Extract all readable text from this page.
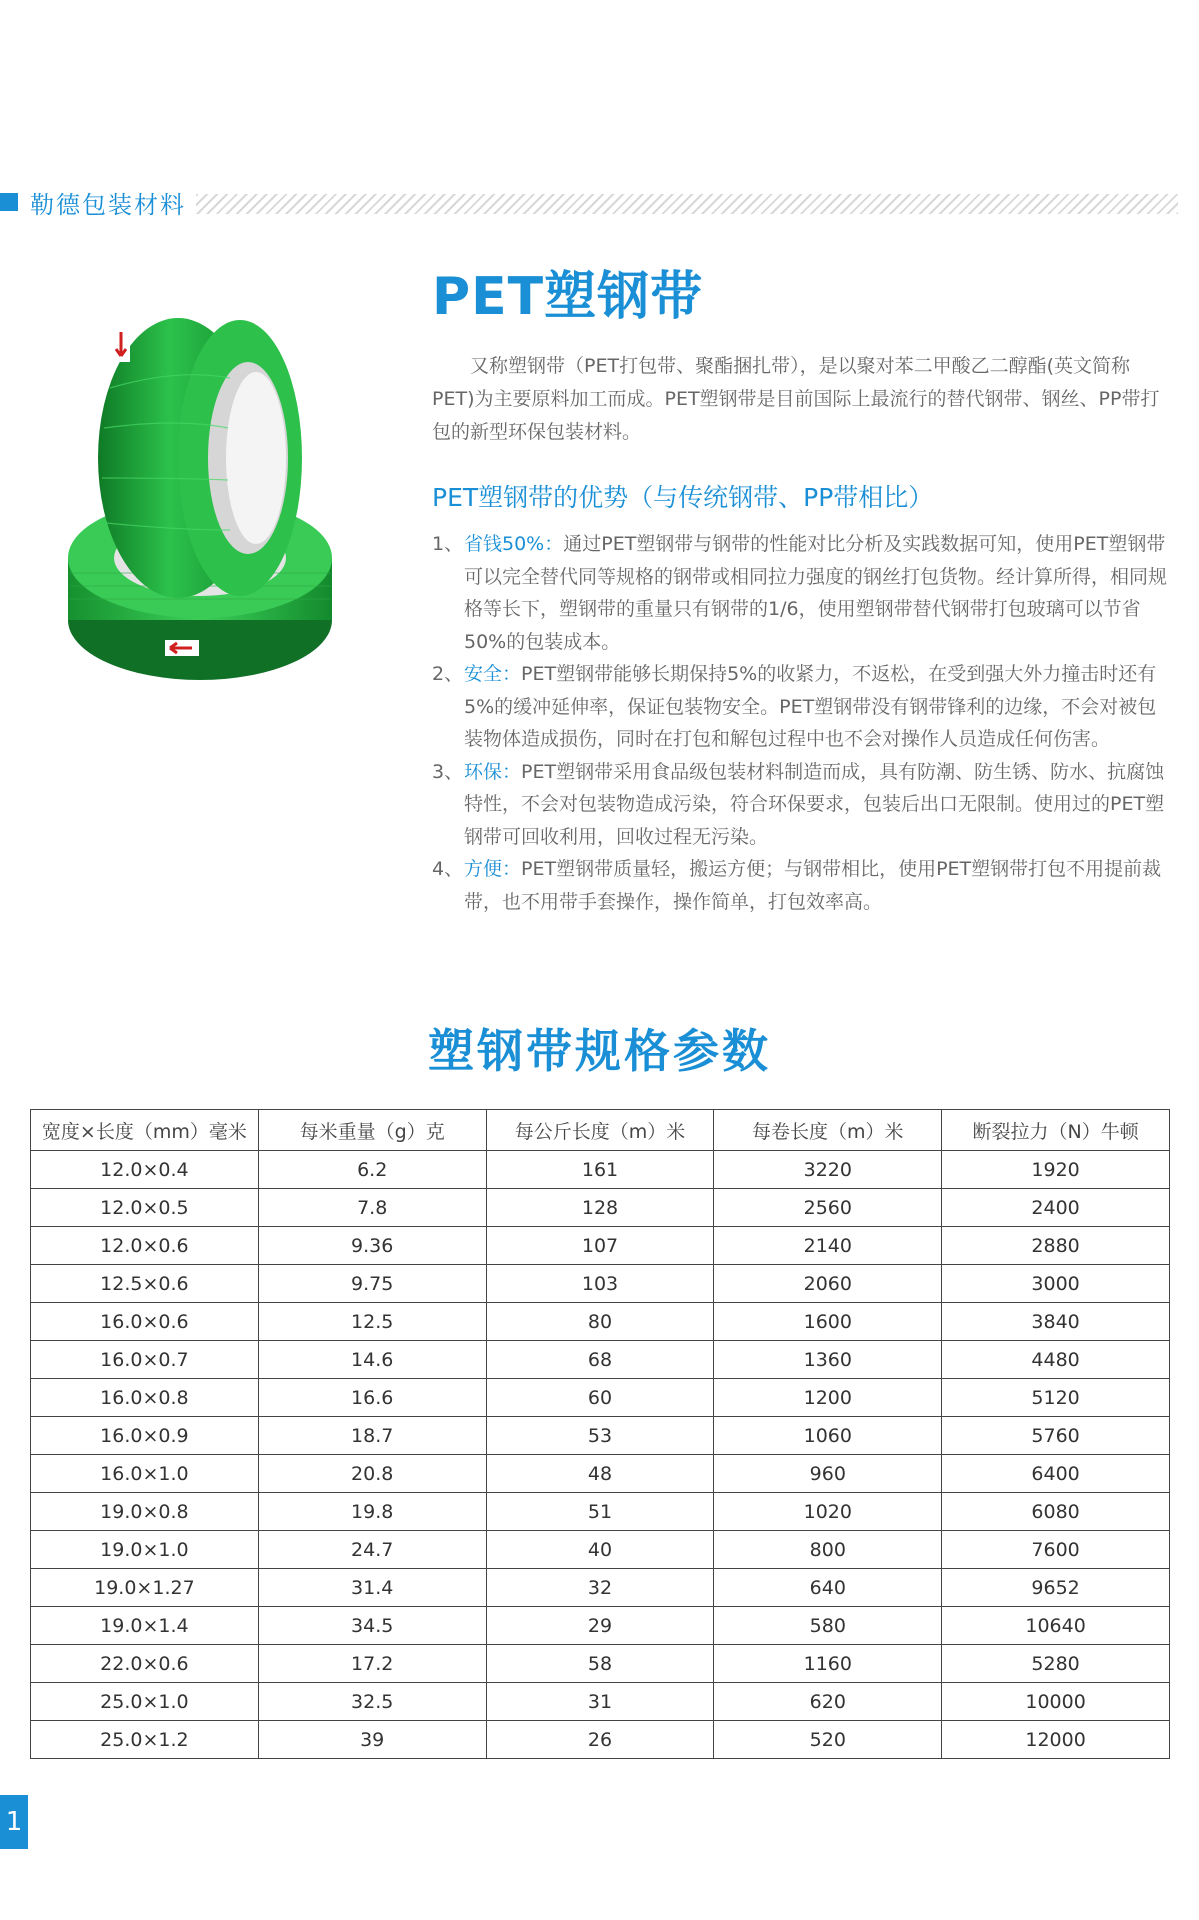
勒德包装材料
PET塑钢带

又称塑钢带（PET打包带、聚酯捆扎带），是以聚对苯二甲酸乙二醇酯(英文简称PET)为主要原料加工而成。PET塑钢带是目前国际上最流行的替代钢带、钢丝、PP带打包的新型环保包装材料。

PET塑钢带的优势（与传统钢带、PP带相比）
1、 省钱50%：通过PET塑钢带与钢带的性能对比分析及实践数据可知，使用PET塑钢带可以完全替代同等规格的钢带或相同拉力强度的钢丝打包货物。经计算所得，相同规格等长下，塑钢带的重量只有钢带的1/6，使用塑钢带替代钢带打包玻璃可以节省50%的包装成本。
2、 安全：PET塑钢带能够长期保持5%的收紧力，不返松，在受到强大外力撞击时还有5%的缓冲延伸率，保证包装物安全。PET塑钢带没有钢带锋利的边缘，不会对被包装物体造成损伤，同时在打包和解包过程中也不会对操作人员造成任何伤害。
3、 环保：PET塑钢带采用食品级包装材料制造而成，具有防潮、防生锈、防水、抗腐蚀特性，不会对包装物造成污染，符合环保要求，包装后出口无限制。使用过的PET塑钢带可回收利用，回收过程无污染。
4、 方便：PET塑钢带质量轻，搬运方便；与钢带相比，使用PET塑钢带打包不用提前裁带，也不用带手套操作，操作简单，打包效率高。
塑钢带规格参数
宽度×长度（mm）毫米	每米重量（g）克	每公斤长度（m）米	每卷长度（m）米	断裂拉力（N）牛顿
12.0×0.4	6.2	161	3220	1920
12.0×0.5	7.8	128	2560	2400
12.0×0.6	9.36	107	2140	2880
12.5×0.6	9.75	103	2060	3000
16.0×0.6	12.5	80	1600	3840
16.0×0.7	14.6	68	1360	4480
16.0×0.8	16.6	60	1200	5120
16.0×0.9	18.7	53	1060	5760
16.0×1.0	20.8	48	960	6400
19.0×0.8	19.8	51	1020	6080
19.0×1.0	24.7	40	800	7600
19.0×1.27	31.4	32	640	9652
19.0×1.4	34.5	29	580	10640
22.0×0.6	17.2	58	1160	5280
25.0×1.0	32.5	31	620	10000
25.0×1.2	39	26	520	12000
1
